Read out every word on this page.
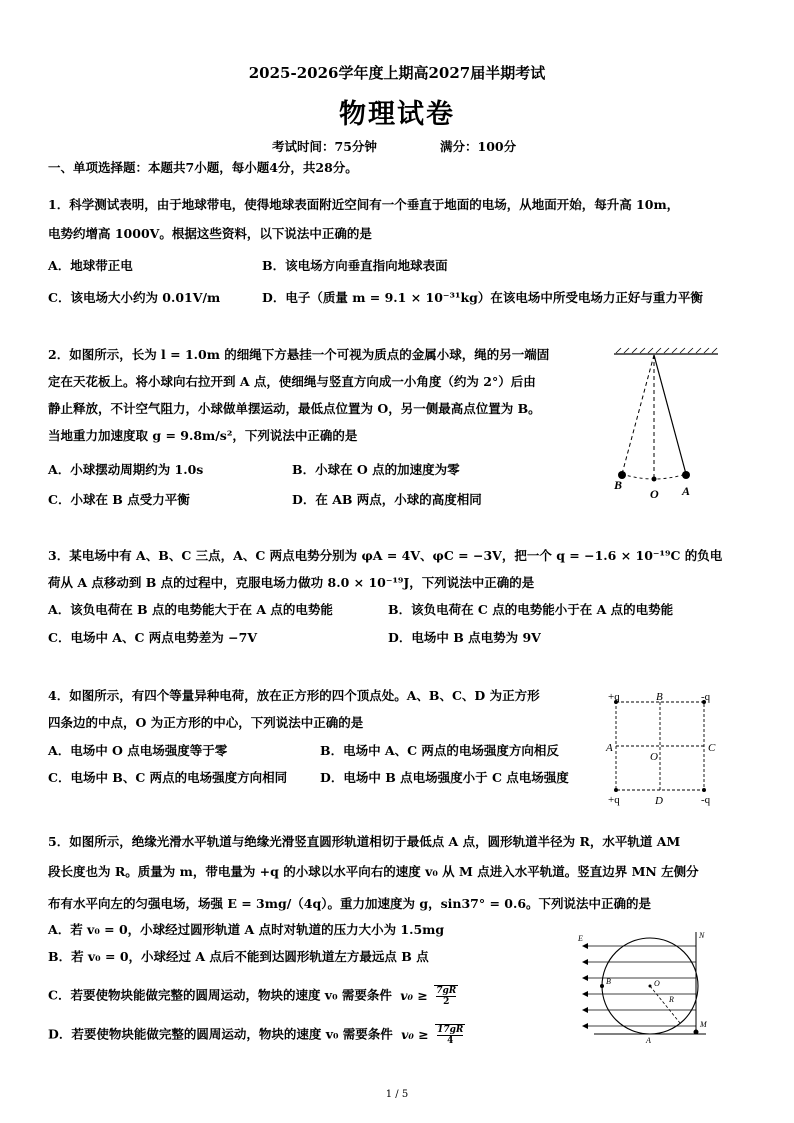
2025-2026学年度上期高2027届半期考试
物理试卷
考试时间：75分钟	满分：100分
一、单项选择题：本题共7小题，每小题4分，共28分。
1．科学测试表明，由于地球带电，使得地球表面附近空间有一个垂直于地面的电场，从地面开始，每升高 10m，
电势约增高 1000V。根据这些资料，以下说法中正确的是
A．地球带正电	B．该电场方向垂直指向地球表面
C．该电场大小约为 0.01V/m	D．电子（质量 m = 9.1 × 10⁻³¹kg）在该电场中所受电场力正好与重力平衡
2．如图所示，长为 l = 1.0m 的细绳下方悬挂一个可视为质点的金属小球，绳的另一端固
定在天花板上。将小球向右拉开到 A 点，使细绳与竖直方向成一小角度（约为 2°）后由
静止释放，不计空气阻力，小球做单摆运动，最低点位置为 O，另一侧最高点位置为 B。
当地重力加速度取 g = 9.8m/s²，下列说法中正确的是
A．小球摆动周期约为 1.0s	B．小球在 O 点的加速度为零
C．小球在 B 点受力平衡	D．在 AB 两点，小球的高度相同
B
O A
3．某电场中有 A、B、C 三点，A、C 两点电势分别为 φA = 4V、φC = −3V，把一个 q = −1.6 × 10⁻¹⁹C 的负电
荷从 A 点移动到 B 点的过程中，克服电场力做功 8.0 × 10⁻¹⁹J，下列说法中正确的是
A．该负电荷在 B 点的电势能大于在 A 点的电势能	B．该负电荷在 C 点的电势能小于在 A 点的电势能
C．电场中 A、C 两点电势差为 −7V	D．电场中 B 点电势为 9V
4．如图所示，有四个等量异种电荷，放在正方形的四个顶点处。A、B、C、D 为正方形
四条边的中点，O 为正方形的中心，下列说法中正确的是
A．电场中 O 点电场强度等于零	B．电场中 A、C 两点的电场强度方向相反
C．电场中 B、C 两点的电场强度方向相同	D．电场中 B 点电场强度小于 C 点电场强度
+q	-q
+q	-q
B
D
A	C
O
5．如图所示，绝缘光滑水平轨道与绝缘光滑竖直圆形轨道相切于最低点 A 点，圆形轨道半径为 R，水平轨道 AM
段长度也为 R。质量为 m，带电量为 +q 的小球以水平向右的速度 v₀ 从 M 点进入水平轨道。竖直边界 MN 左侧分
布有水平向左的匀强电场，场强 E = 3mg/（4q）。重力加速度为 g，sin37° = 0.6。下列说法中正确的是
A．若 v₀ = 0，小球经过圆形轨道 A 点时对轨道的压力大小为 1.5mg
B．若 v₀ = 0，小球经过 A 点后不能到达圆形轨道左方最远点 B 点
C．若要使物块能做完整的圆周运动，物块的速度 v₀ 需要条件 $v_0 \ge \frac{7gR}{2}$
D．若要使物块能做完整的圆周运动，物块的速度 v₀ 需要条件 $v_0 \ge \frac{17gR}{4}$
E	N
B	O
R
M
A
1 / 5
